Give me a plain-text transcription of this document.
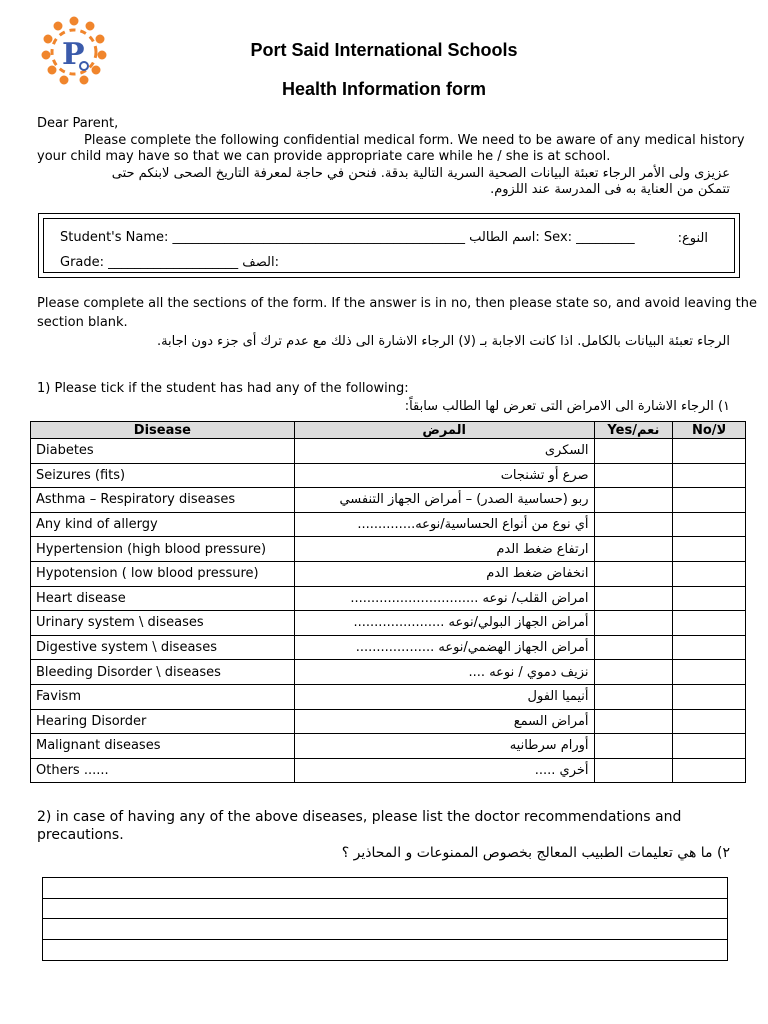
P	Port Said International Schools
Health Information form
Dear Parent,
Please complete the following confidential medical form. We need to be aware of any medical history
your child may have so that we can provide appropriate care while he / she is at school.
عزيزى ولى الأمر الرجاء تعبئة البيانات الصحية السرية التالية بدقة. فنحن في حاجة لمعرفة التاريخ الصحى لابنكم حتى
تتمكن من العناية به فى المدرسة عند اللزوم.
Student's Name: _____________________________________________ اسم الطالب: Sex: _________	النوع:
Grade: ____________________ الصف:
Please complete all the sections of the form. If the answer is in no, then please state so, and avoid leaving the
section blank.
الرجاء تعبئة البيانات بالكامل. اذا كانت الاجابة بـ (لا) الرجاء الاشارة الى ذلك مع عدم ترك أى جزء دون اجابة.
1) Please tick if the student has had any of the following:
١) الرجاء الاشارة الى الامراض التى تعرض لها الطالب سابقاً:
Disease	المرض	Yes/نعم	No/لا
Diabetes	السكرى		
Seizures (fits)	صرع أو تشنجات		
Asthma – Respiratory diseases	ربو (حساسية الصدر) – أمراض الجهاز التنفسي		
Any kind of allergy	أي نوع من أنواع الحساسية/نوعه..............		
Hypertension (high blood pressure)	ارتفاع ضغط الدم		
Hypotension ( low blood pressure)	انخفاض ضغط الدم		
Heart disease	امراض القلب/ نوعه ...............................		
Urinary system \ diseases	أمراض الجهاز البولي/نوعه ......................		
Digestive system \ diseases	أمراض الجهاز الهضمي/نوعه ...................		
Bleeding Disorder \ diseases	نزيف دموي / نوعه ....		
Favism	أنيميا الفول		
Hearing Disorder	أمراض السمع		
Malignant diseases	أورام سرطانيه		
Others ......	أخري .....		
2) in case of having any of the above diseases, please list the doctor recommendations and
precautions.
٢) ما هي تعليمات الطبيب المعالج بخصوص الممنوعات و المحاذير ؟
